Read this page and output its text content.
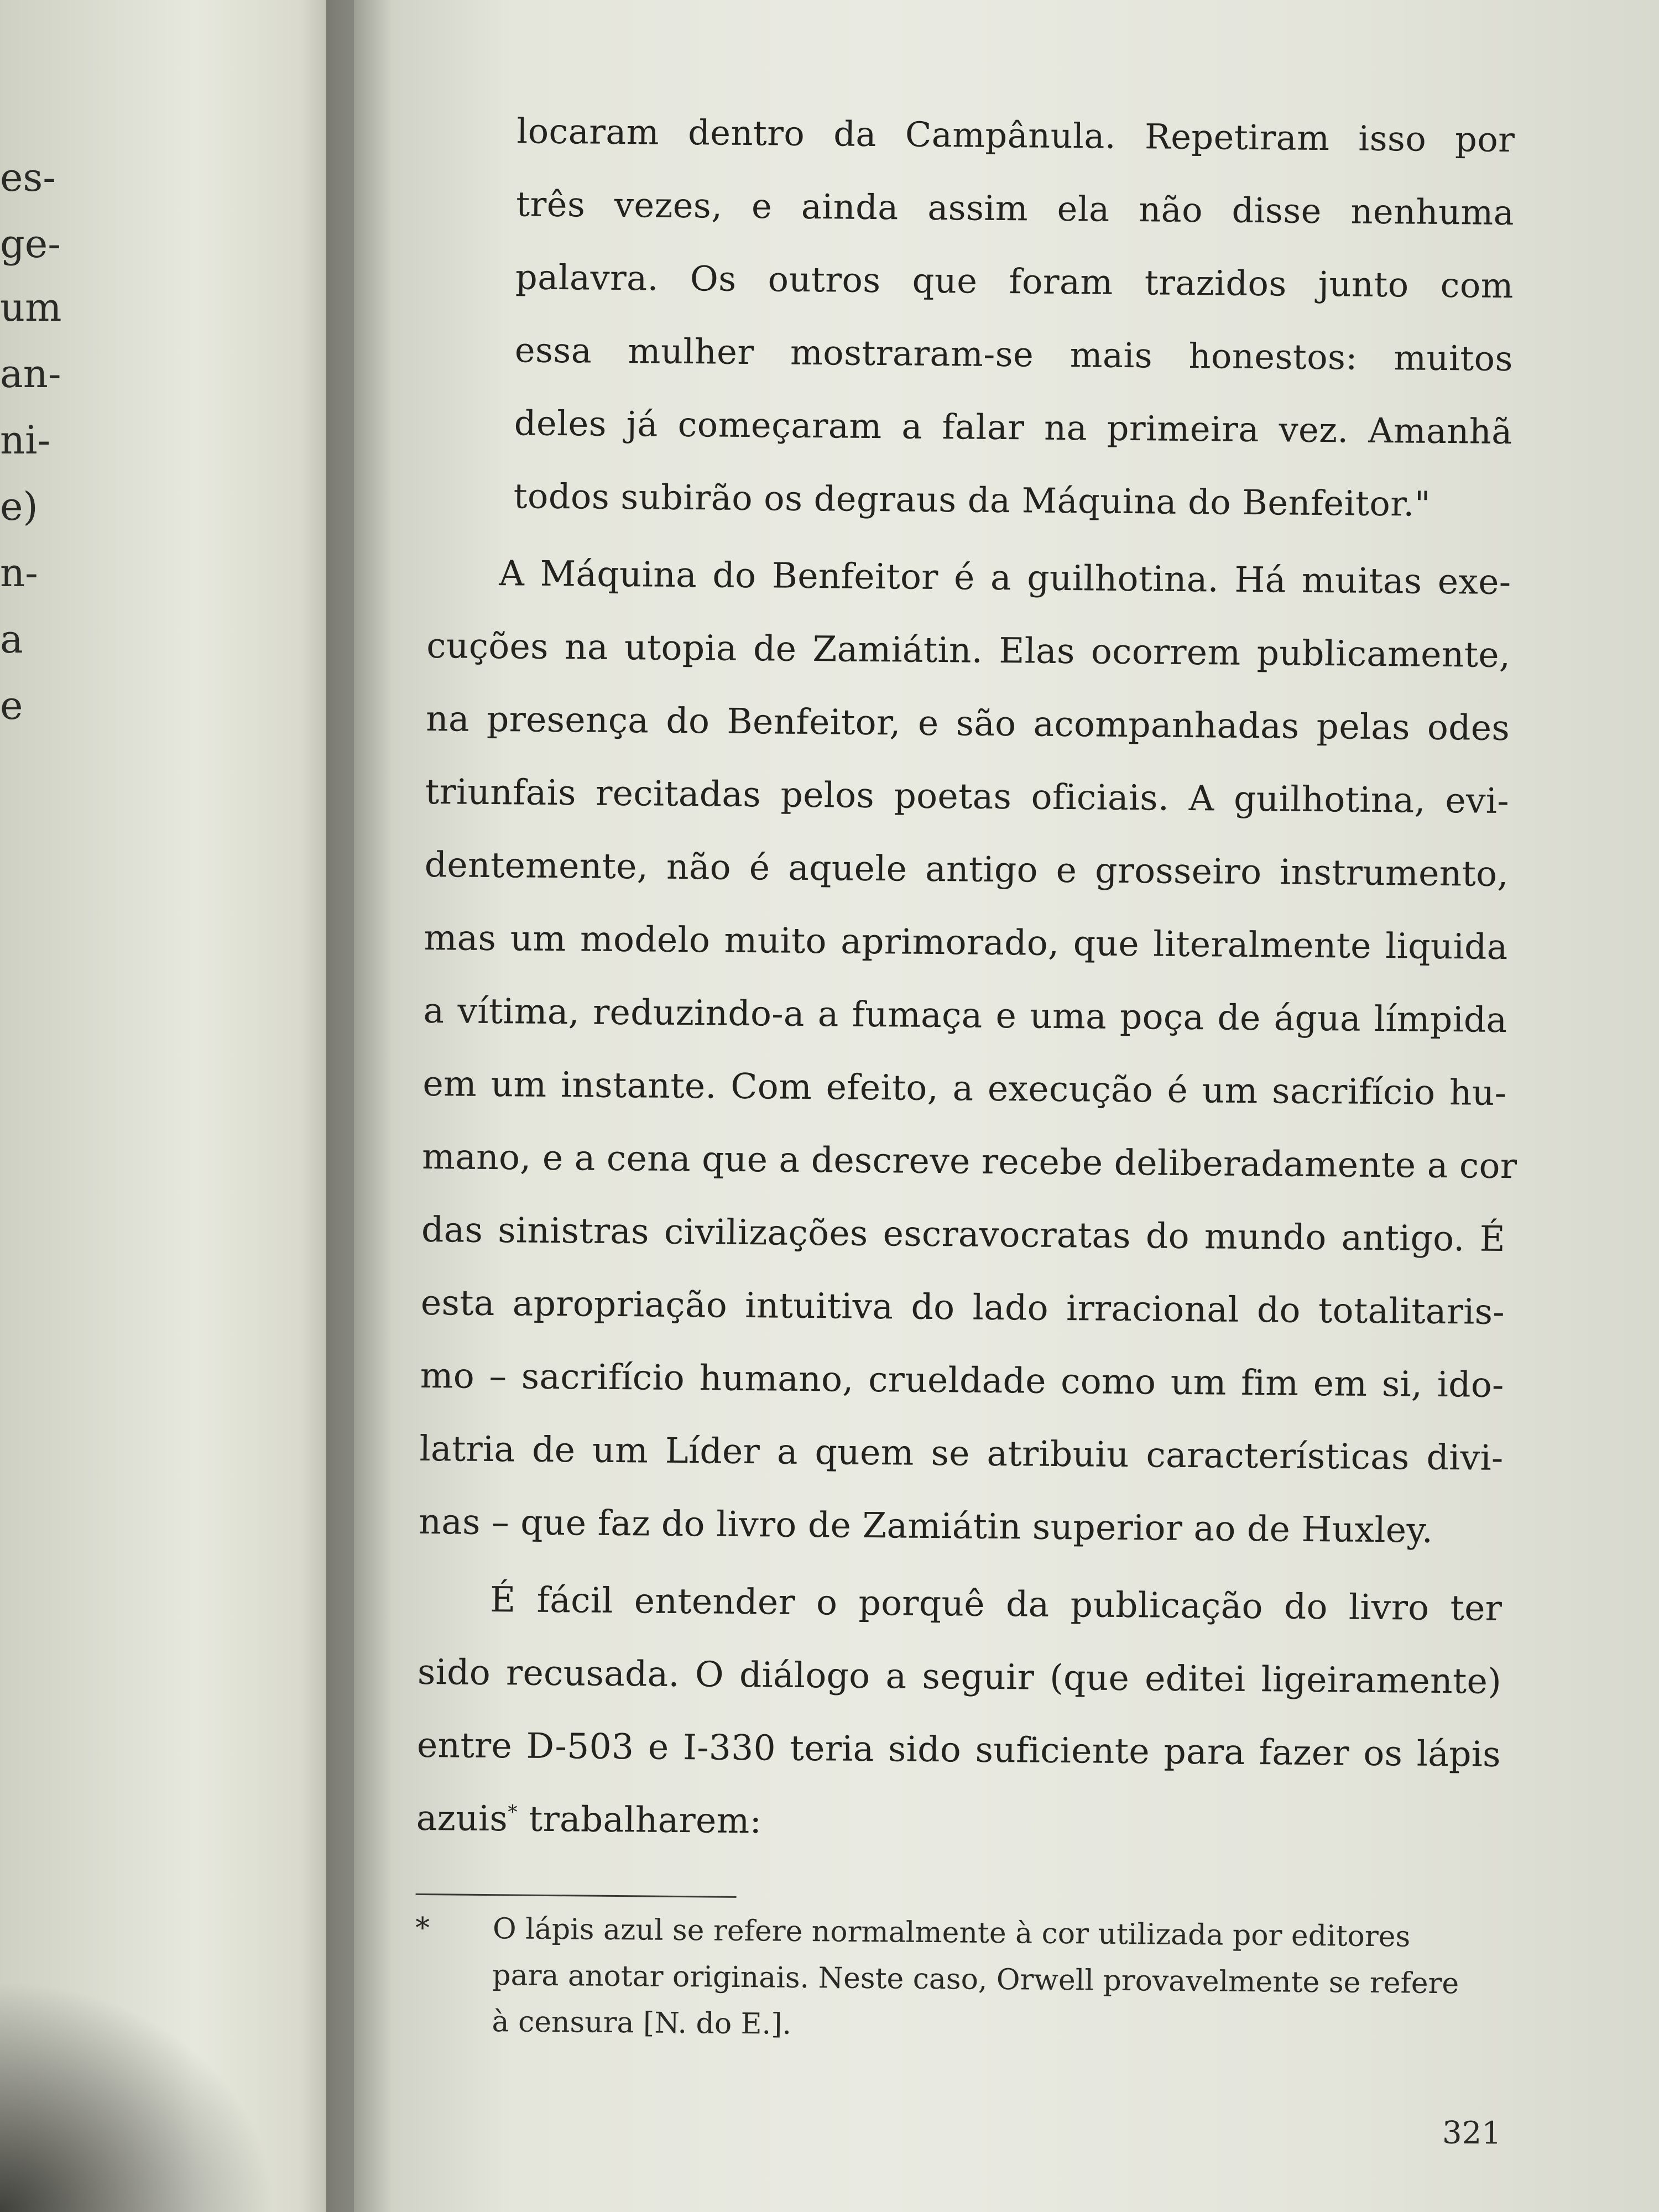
es-
ge-
um
an-
ni-
e)
n-
a
e
locaram dentro da Campânula. Repetiram isso por
três vezes, e ainda assim ela não disse nenhuma
palavra. Os outros que foram trazidos junto com
essa mulher mostraram-se mais honestos: muitos
deles já começaram a falar na primeira vez. Amanhã
todos subirão os degraus da Máquina do Benfeitor."
A Máquina do Benfeitor é a guilhotina. Há muitas exe-
cuções na utopia de Zamiátin. Elas ocorrem publicamente,
na presença do Benfeitor, e são acompanhadas pelas odes
triunfais recitadas pelos poetas oficiais. A guilhotina, evi-
dentemente, não é aquele antigo e grosseiro instrumento,
mas um modelo muito aprimorado, que literalmente liquida
a vítima, reduzindo-a a fumaça e uma poça de água límpida
em um instante. Com efeito, a execução é um sacrifício hu-
mano, e a cena que a descreve recebe deliberadamente a cor
das sinistras civilizações escravocratas do mundo antigo. É
esta apropriação intuitiva do lado irracional do totalitaris-
mo – sacrifício humano, crueldade como um fim em si, ido-
latria de um Líder a quem se atribuiu características divi-
nas – que faz do livro de Zamiátin superior ao de Huxley.
É fácil entender o porquê da publicação do livro ter
sido recusada. O diálogo a seguir (que editei ligeiramente)
entre D-503 e I-330 teria sido suficiente para fazer os lápis
azuis* trabalharem:
* O lápis azul se refere normalmente à cor utilizada por editores
para anotar originais. Neste caso, Orwell provavelmente se refere
à censura [N. do E.].
321
